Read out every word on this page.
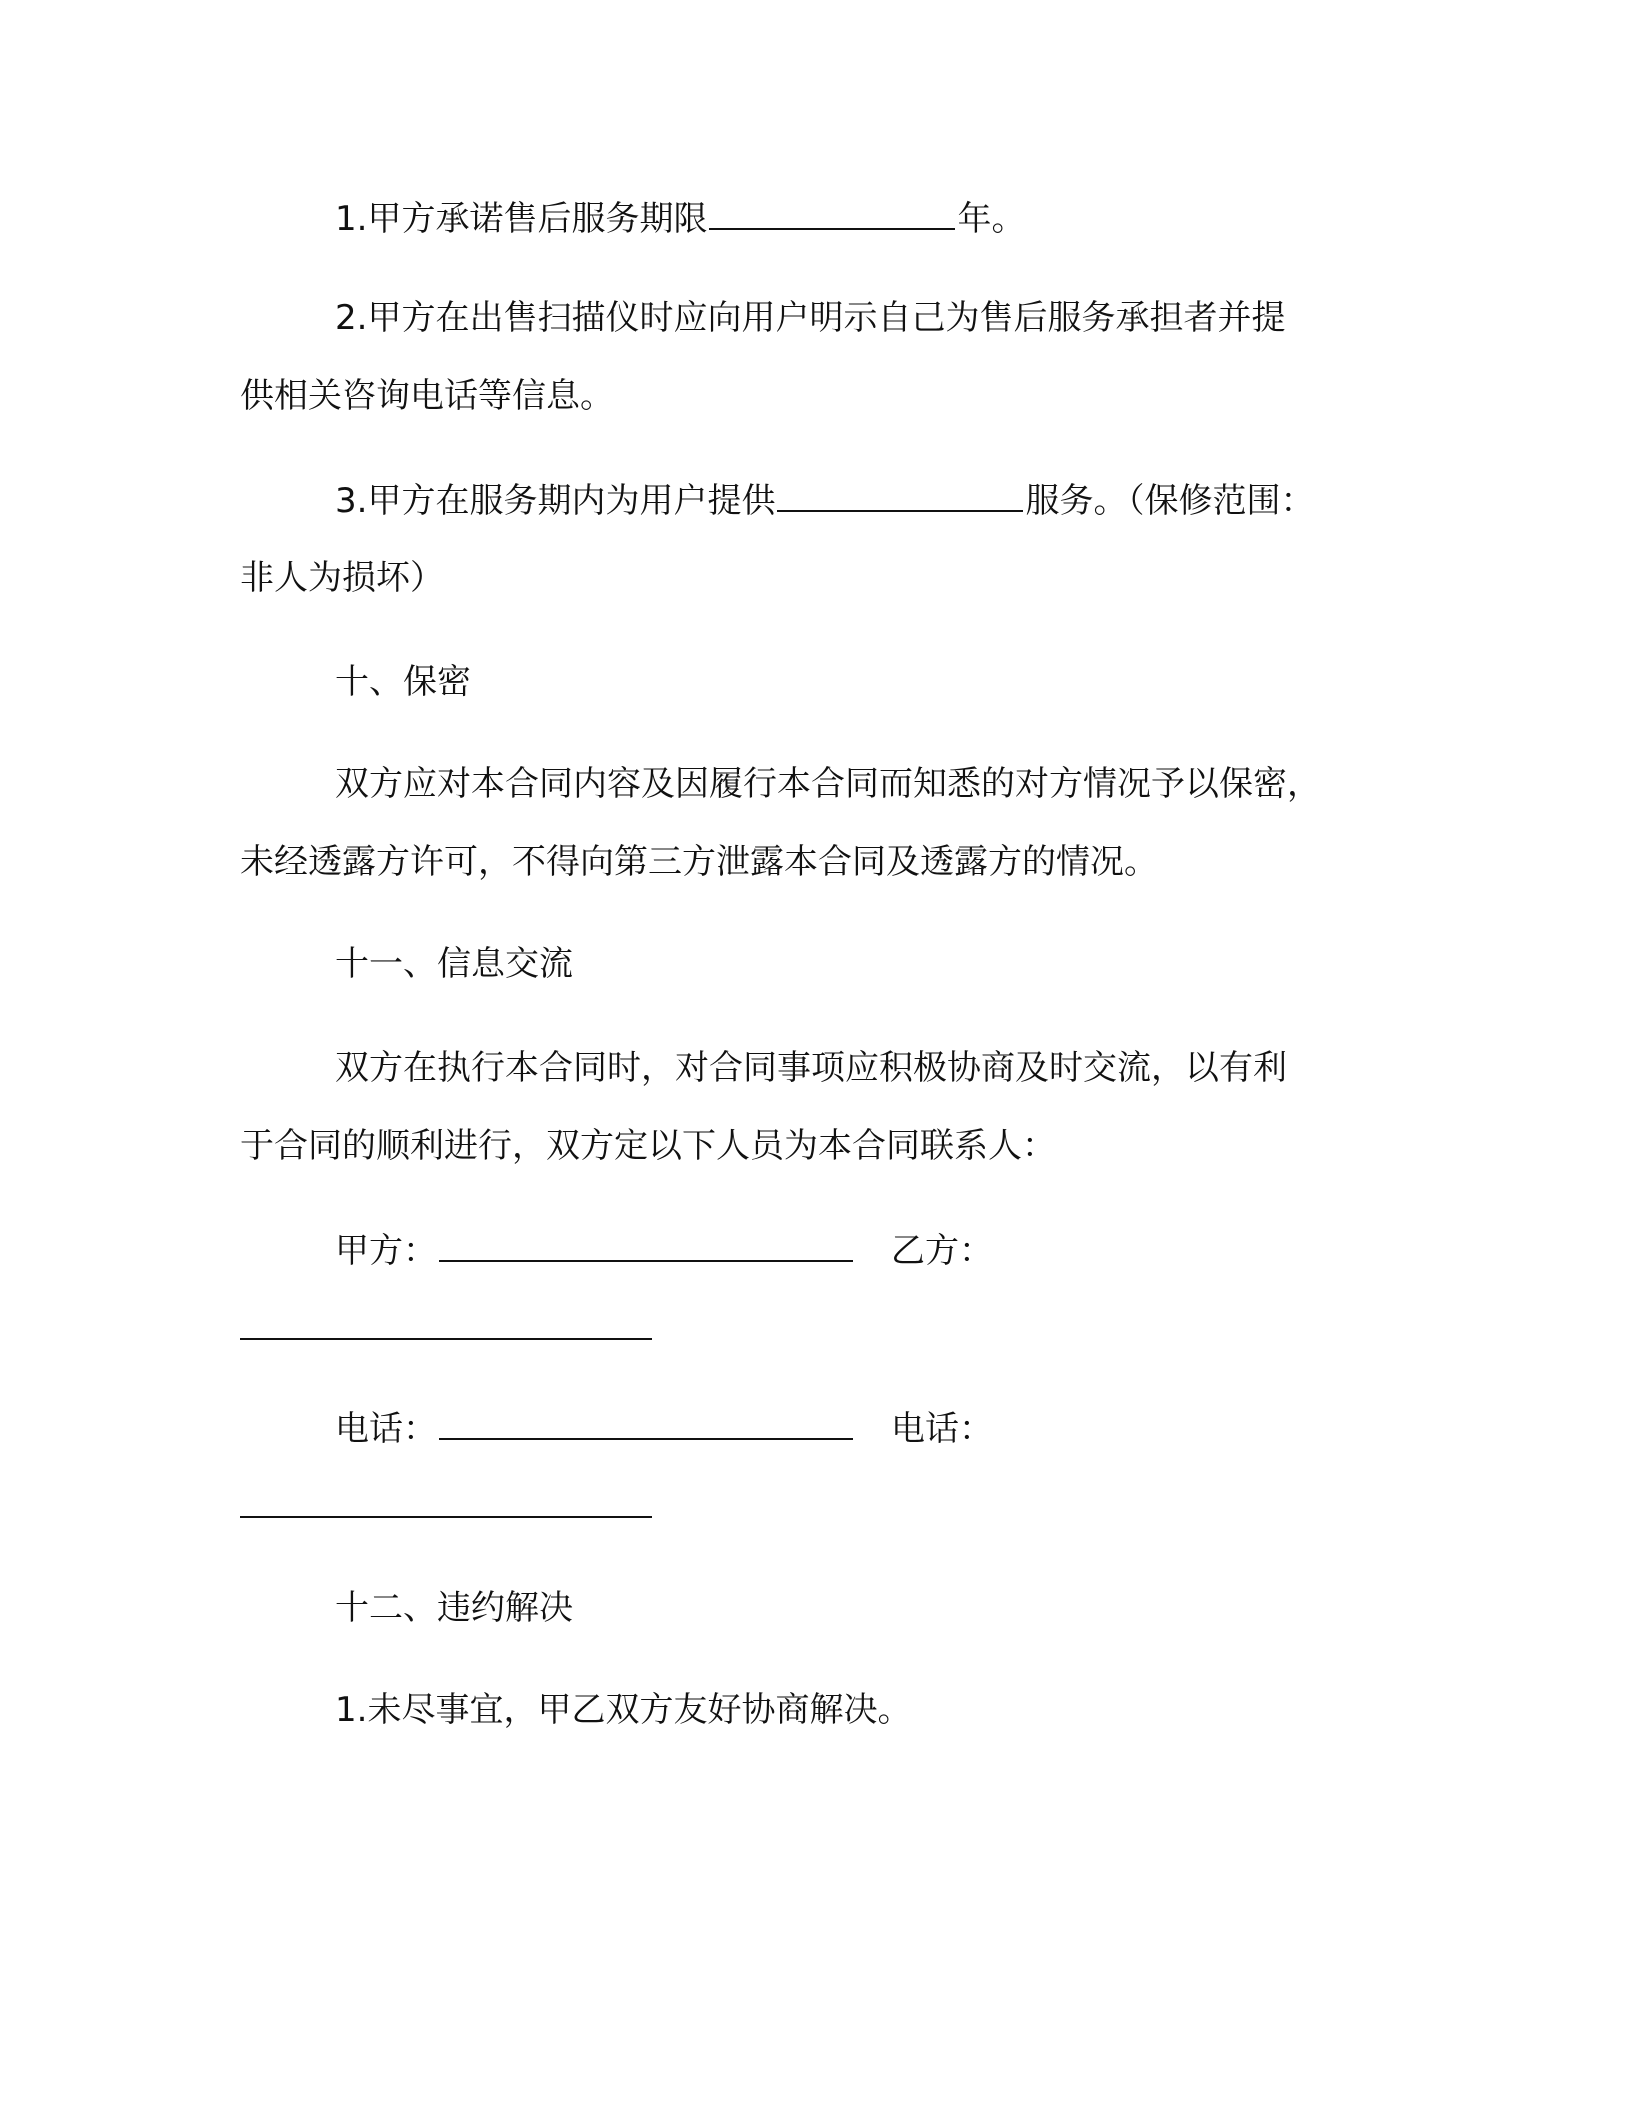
1.甲方承诺售后服务期限	年。
2.甲方在出售扫描仪时应向用户明示自己为售后服务承担者并提
供相关咨询电话等信息。
3.甲方在服务期内为用户提供	服务。（保修范围：
非人为损坏）
十、保密
双方应对本合同内容及因履行本合同而知悉的对方情况予以保密，
未经透露方许可，不得向第三方泄露本合同及透露方的情况。
十一、信息交流
双方在执行本合同时，对合同事项应积极协商及时交流，以有利
于合同的顺利进行，双方定以下人员为本合同联系人：
甲方：	乙方：
电话：	电话：
十二、违约解决
1.未尽事宜，甲乙双方友好协商解决。
